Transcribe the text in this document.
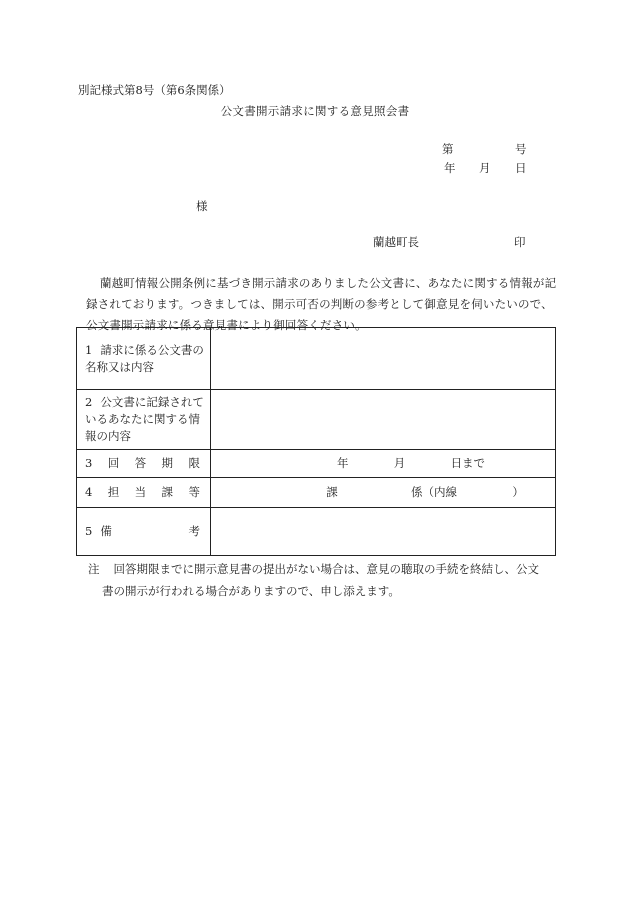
別記様式第8号（第6条関係）
公文書開示請求に関する意見照会書
第	号
年 月 日
様
蘭越町長	印
蘭越町情報公開条例に基づき開示請求のありました公文書に、あなたに関する情報が記録されております。つきましては、開示可否の判断の参考として御意見を伺いたいので、公文書開示請求に係る意見書により御回答ください。
1 請求に係る公文書の名称又は内容	

2 公文書に記録されているあなたに関する情報の内容	

3 回 答 期 限	年 月 日まで

4 担 当 課 等	課 係（内線 ）

5 備 考	

注 回答期限までに開示意見書の提出がない場合は、意見の聴取の手続を終結し、公文
書の開示が行われる場合がありますので、申し添えます。
